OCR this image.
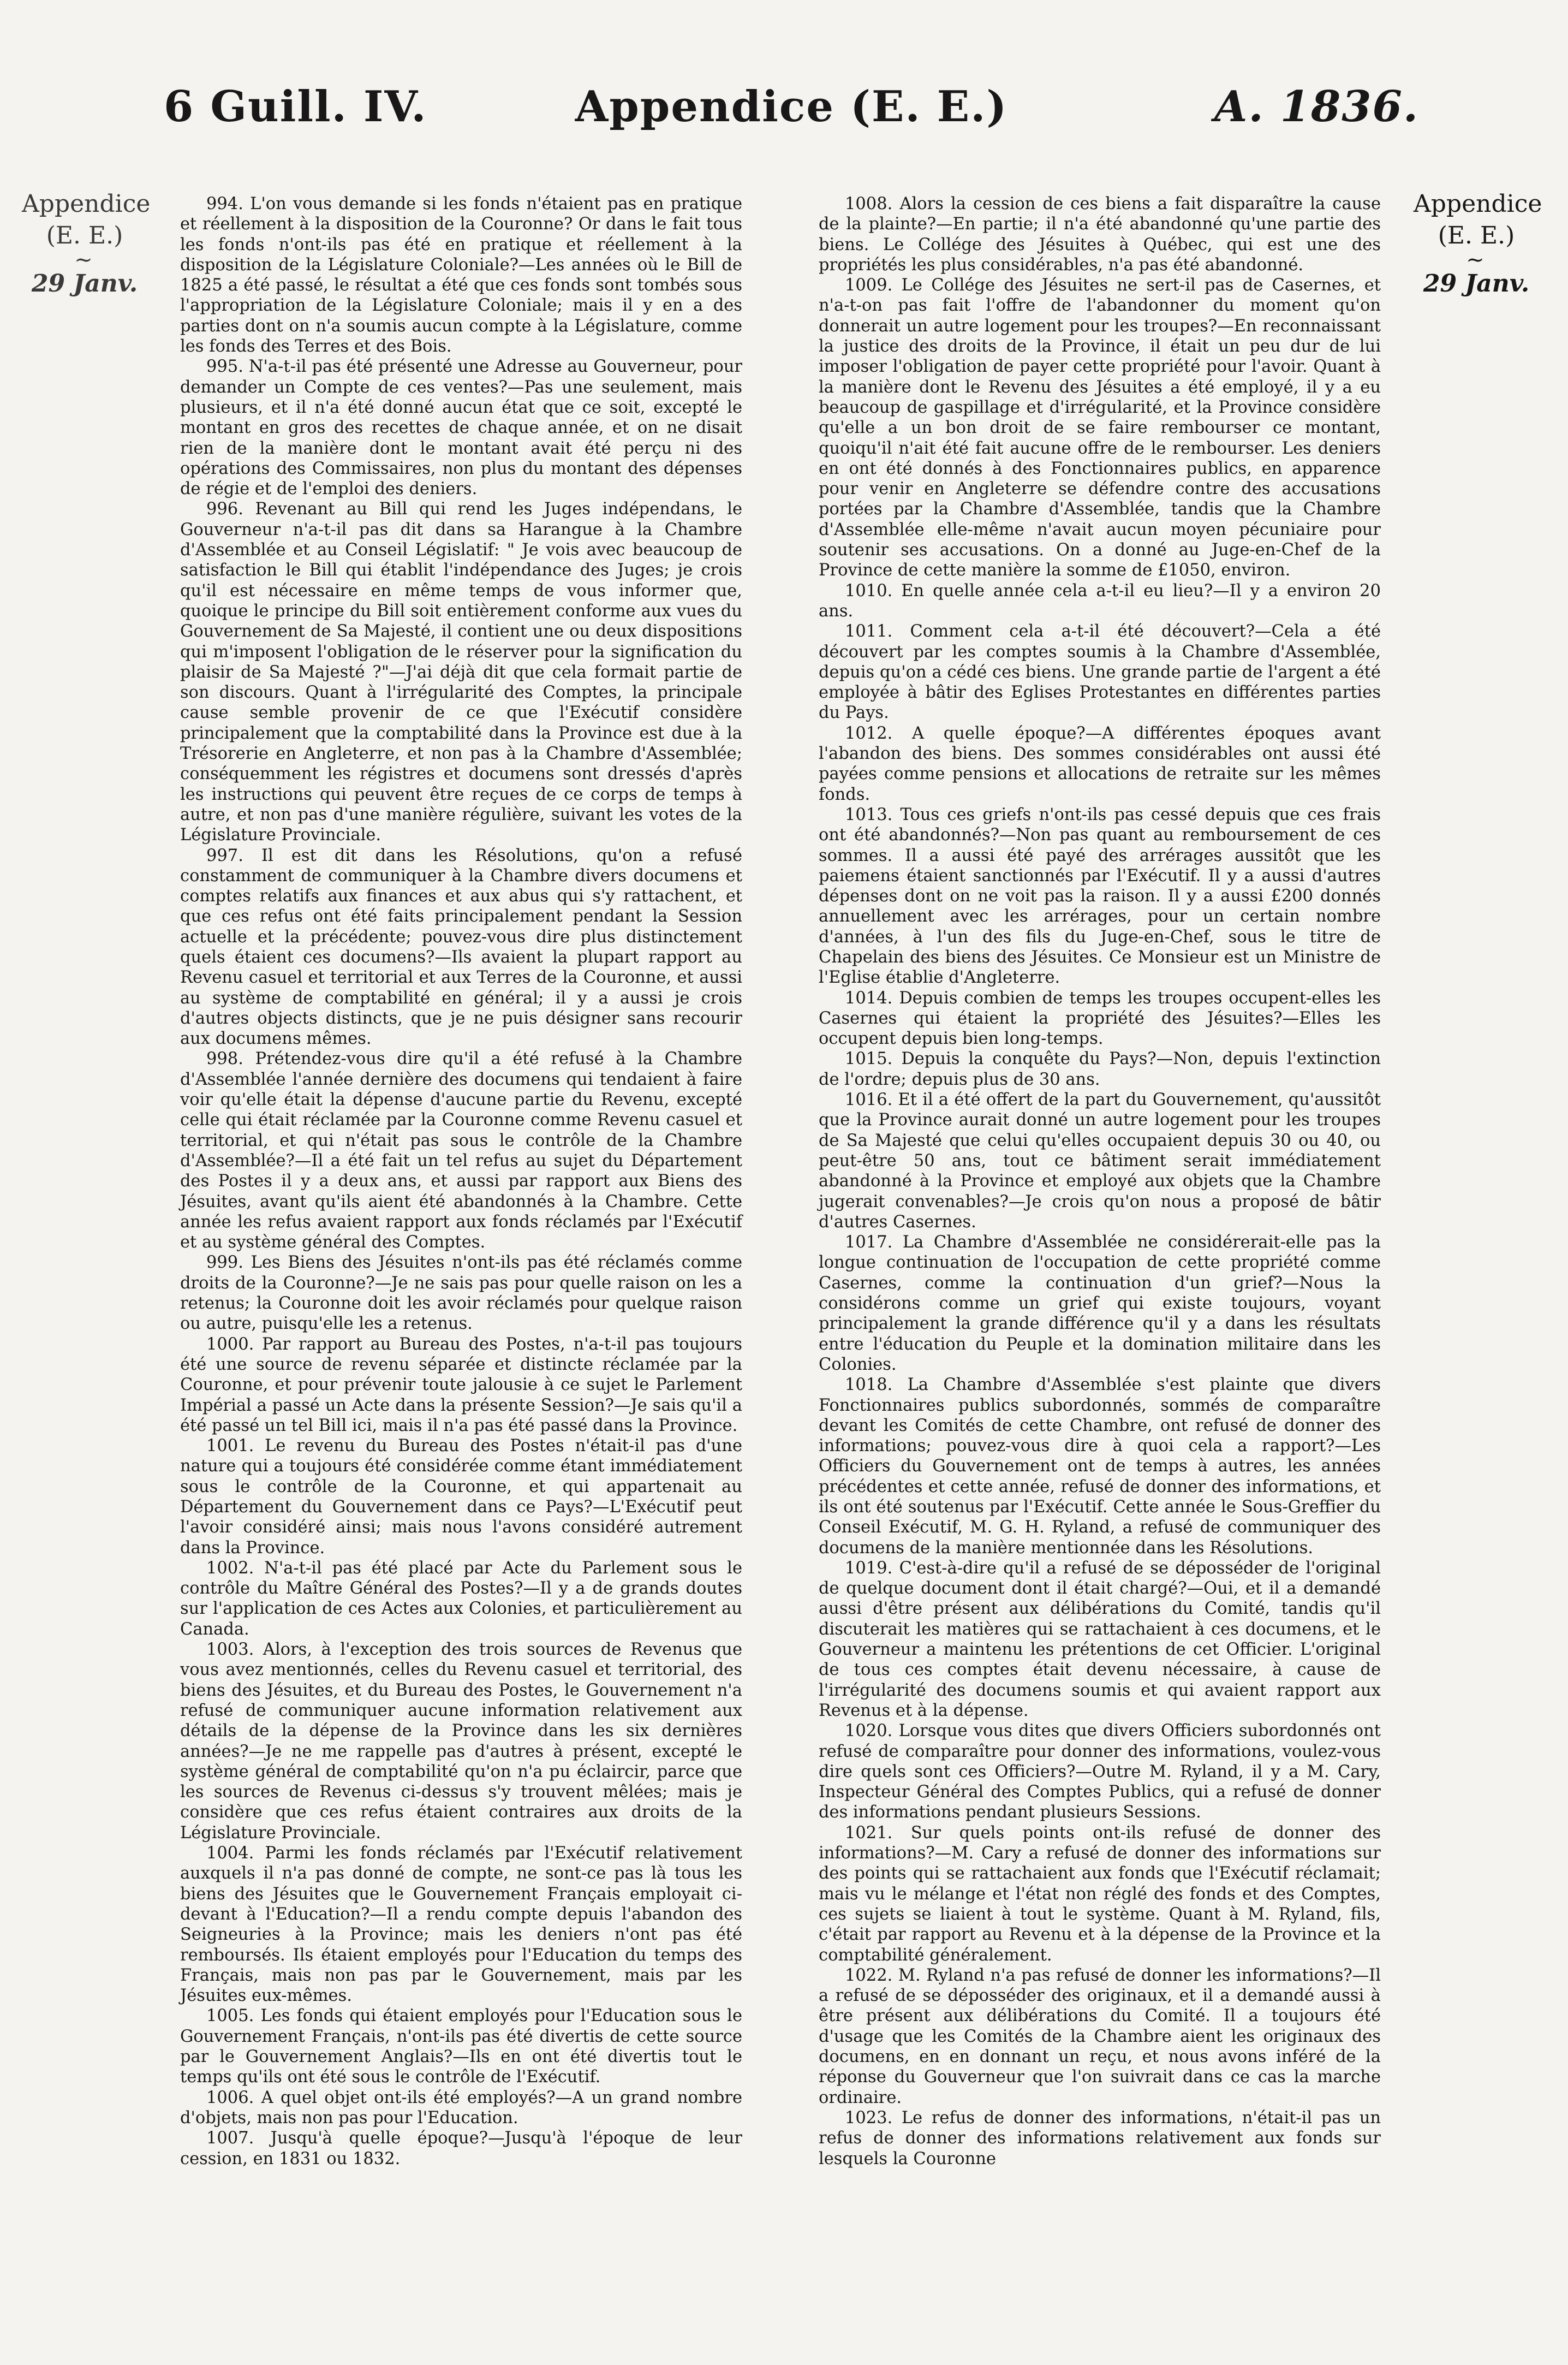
6 Guill. IV.	Appendice (E. E.)	A. 1836.
Appendice
(E. E.)
~
29 Janv.
Appendice
(E. E.)
~
29 Janv.

994. L'on vous demande si les fonds n'étaient pas en pratique et réellement à la disposition de la Couronne? Or dans le fait tous les fonds n'ont-ils pas été en pratique et réellement à la disposition de la Législature Coloniale?—Les années où le Bill de 1825 a été passé, le résultat a été que ces fonds sont tombés sous l'appropriation de la Législature Coloniale; mais il y en a des parties dont on n'a soumis aucun compte à la Législature, comme les fonds des Terres et des Bois.

995. N'a-t-il pas été présenté une Adresse au Gouverneur, pour demander un Compte de ces ventes?—Pas une seulement, mais plusieurs, et il n'a été donné aucun état que ce soit, excepté le montant en gros des recettes de chaque année, et on ne disait rien de la manière dont le montant avait été perçu ni des opérations des Commissaires, non plus du montant des dépenses de régie et de l'emploi des deniers.

996. Revenant au Bill qui rend les Juges indépendans, le Gouverneur n'a-t-il pas dit dans sa Harangue à la Chambre d'Assemblée et au Conseil Législatif: " Je vois avec beaucoup de satisfaction le Bill qui établit l'indépendance des Juges; je crois qu'il est nécessaire en même temps de vous informer que, quoique le principe du Bill soit entièrement conforme aux vues du Gouvernement de Sa Majesté, il contient une ou deux dispositions qui m'imposent l'obligation de le réserver pour la signification du plaisir de Sa Majesté ?"—J'ai déjà dit que cela formait partie de son discours. Quant à l'irrégularité des Comptes, la principale cause semble provenir de ce que l'Exécutif considère principalement que la comptabilité dans la Province est due à la Trésorerie en Angleterre, et non pas à la Chambre d'Assemblée; conséquemment les régistres et documens sont dressés d'après les instructions qui peuvent être reçues de ce corps de temps à autre, et non pas d'une manière régulière, suivant les votes de la Législature Provinciale.

997. Il est dit dans les Résolutions, qu'on a refusé constamment de communiquer à la Chambre divers documens et comptes relatifs aux finances et aux abus qui s'y rattachent, et que ces refus ont été faits principalement pendant la Session actuelle et la précédente; pouvez-vous dire plus distinctement quels étaient ces documens?—Ils avaient la plupart rapport au Revenu casuel et territorial et aux Terres de la Couronne, et aussi au système de comptabilité en général; il y a aussi je crois d'autres objects distincts, que je ne puis désigner sans recourir aux documens mêmes.

998. Prétendez-vous dire qu'il a été refusé à la Chambre d'Assemblée l'année dernière des documens qui tendaient à faire voir qu'elle était la dépense d'aucune partie du Revenu, excepté celle qui était réclamée par la Couronne comme Revenu casuel et territorial, et qui n'était pas sous le contrôle de la Chambre d'Assemblée?—Il a été fait un tel refus au sujet du Département des Postes il y a deux ans, et aussi par rapport aux Biens des Jésuites, avant qu'ils aient été abandonnés à la Chambre. Cette année les refus avaient rapport aux fonds réclamés par l'Exécutif et au système général des Comptes.

999. Les Biens des Jésuites n'ont-ils pas été réclamés comme droits de la Couronne?—Je ne sais pas pour quelle raison on les a retenus; la Couronne doit les avoir réclamés pour quelque raison ou autre, puisqu'elle les a retenus.

1000. Par rapport au Bureau des Postes, n'a-t-il pas toujours été une source de revenu séparée et distincte réclamée par la Couronne, et pour prévenir toute jalousie à ce sujet le Parlement Impérial a passé un Acte dans la présente Session?—Je sais qu'il a été passé un tel Bill ici, mais il n'a pas été passé dans la Province.

1001. Le revenu du Bureau des Postes n'était-il pas d'une nature qui a toujours été considérée comme étant immédiatement sous le contrôle de la Couronne, et qui appartenait au Département du Gouvernement dans ce Pays?—L'Exécutif peut l'avoir considéré ainsi; mais nous l'avons considéré autrement dans la Province.

1002. N'a-t-il pas été placé par Acte du Parlement sous le contrôle du Maître Général des Postes?—Il y a de grands doutes sur l'application de ces Actes aux Colonies, et particulièrement au Canada.

1003. Alors, à l'exception des trois sources de Revenus que vous avez mentionnés, celles du Revenu casuel et territorial, des biens des Jésuites, et du Bureau des Postes, le Gouvernement n'a refusé de communiquer aucune information relativement aux détails de la dépense de la Province dans les six dernières années?—Je ne me rappelle pas d'autres à présent, excepté le système général de comptabilité qu'on n'a pu éclaircir, parce que les sources de Revenus ci-dessus s'y trouvent mêlées; mais je considère que ces refus étaient contraires aux droits de la Législature Provinciale.

1004. Parmi les fonds réclamés par l'Exécutif relativement auxquels il n'a pas donné de compte, ne sont-ce pas là tous les biens des Jésuites que le Gouvernement Français employait ci-devant à l'Education?—Il a rendu compte depuis l'abandon des Seigneuries à la Province; mais les deniers n'ont pas été remboursés. Ils étaient employés pour l'Education du temps des Français, mais non pas par le Gouvernement, mais par les Jésuites eux-mêmes.

1005. Les fonds qui étaient employés pour l'Education sous le Gouvernement Français, n'ont-ils pas été divertis de cette source par le Gouvernement Anglais?—Ils en ont été divertis tout le temps qu'ils ont été sous le contrôle de l'Exécutif.

1006. A quel objet ont-ils été employés?—A un grand nombre d'objets, mais non pas pour l'Education.

1007. Jusqu'à quelle époque?—Jusqu'à l'époque de leur cession, en 1831 ou 1832.

1008. Alors la cession de ces biens a fait disparaître la cause de la plainte?—En partie; il n'a été abandonné qu'une partie des biens. Le Collége des Jésuites à Québec, qui est une des propriétés les plus considérables, n'a pas été abandonné.

1009. Le Collége des Jésuites ne sert-il pas de Casernes, et n'a-t-on pas fait l'offre de l'abandonner du moment qu'on donnerait un autre logement pour les troupes?—En reconnaissant la justice des droits de la Province, il était un peu dur de lui imposer l'obligation de payer cette propriété pour l'avoir. Quant à la manière dont le Revenu des Jésuites a été employé, il y a eu beaucoup de gaspillage et d'irrégularité, et la Province considère qu'elle a un bon droit de se faire rembourser ce montant, quoiqu'il n'ait été fait aucune offre de le rembourser. Les deniers en ont été donnés à des Fonctionnaires publics, en apparence pour venir en Angleterre se défendre contre des accusations portées par la Chambre d'Assemblée, tandis que la Chambre d'Assemblée elle-même n'avait aucun moyen pécuniaire pour soutenir ses accusations. On a donné au Juge-en-Chef de la Province de cette manière la somme de £1050, environ.

1010. En quelle année cela a-t-il eu lieu?—Il y a environ 20 ans.

1011. Comment cela a-t-il été découvert?—Cela a été découvert par les comptes soumis à la Chambre d'Assemblée, depuis qu'on a cédé ces biens. Une grande partie de l'argent a été employée à bâtir des Eglises Protestantes en différentes parties du Pays.

1012. A quelle époque?—A différentes époques avant l'abandon des biens. Des sommes considérables ont aussi été payées comme pensions et allocations de retraite sur les mêmes fonds.

1013. Tous ces griefs n'ont-ils pas cessé depuis que ces frais ont été abandonnés?—Non pas quant au remboursement de ces sommes. Il a aussi été payé des arrérages aussitôt que les paiemens étaient sanctionnés par l'Exécutif. Il y a aussi d'autres dépenses dont on ne voit pas la raison. Il y a aussi £200 donnés annuellement avec les arrérages, pour un certain nombre d'années, à l'un des fils du Juge-en-Chef, sous le titre de Chapelain des biens des Jésuites. Ce Monsieur est un Ministre de l'Eglise établie d'Angleterre.

1014. Depuis combien de temps les troupes occupent-elles les Casernes qui étaient la propriété des Jésuites?—Elles les occupent depuis bien long-temps.

1015. Depuis la conquête du Pays?—Non, depuis l'extinction de l'ordre; depuis plus de 30 ans.

1016. Et il a été offert de la part du Gouvernement, qu'aussitôt que la Province aurait donné un autre logement pour les troupes de Sa Majesté que celui qu'elles occupaient depuis 30 ou 40, ou peut-être 50 ans, tout ce bâtiment serait immédiatement abandonné à la Province et employé aux objets que la Chambre jugerait convenables?—Je crois qu'on nous a proposé de bâtir d'autres Casernes.

1017. La Chambre d'Assemblée ne considérerait-elle pas la longue continuation de l'occupation de cette propriété comme Casernes, comme la continuation d'un grief?—Nous la considérons comme un grief qui existe toujours, voyant principalement la grande différence qu'il y a dans les résultats entre l'éducation du Peuple et la domination militaire dans les Colonies.

1018. La Chambre d'Assemblée s'est plainte que divers Fonctionnaires publics subordonnés, sommés de comparaître devant les Comités de cette Chambre, ont refusé de donner des informations; pouvez-vous dire à quoi cela a rapport?—Les Officiers du Gouvernement ont de temps à autres, les années précédentes et cette année, refusé de donner des informations, et ils ont été soutenus par l'Exécutif. Cette année le Sous-Greffier du Conseil Exécutif, M. G. H. Ryland, a refusé de communiquer des documens de la manière mentionnée dans les Résolutions.

1019. C'est-à-dire qu'il a refusé de se déposséder de l'original de quelque document dont il était chargé?—Oui, et il a demandé aussi d'être présent aux délibérations du Comité, tandis qu'il discuterait les matières qui se rattachaient à ces documens, et le Gouverneur a maintenu les prétentions de cet Officier. L'original de tous ces comptes était devenu nécessaire, à cause de l'irrégularité des documens soumis et qui avaient rapport aux Revenus et à la dépense.

1020. Lorsque vous dites que divers Officiers subordonnés ont refusé de comparaître pour donner des informations, voulez-vous dire quels sont ces Officiers?—Outre M. Ryland, il y a M. Cary, Inspecteur Général des Comptes Publics, qui a refusé de donner des informations pendant plusieurs Sessions.

1021. Sur quels points ont-ils refusé de donner des informations?—M. Cary a refusé de donner des informations sur des points qui se rattachaient aux fonds que l'Exécutif réclamait; mais vu le mélange et l'état non réglé des fonds et des Comptes, ces sujets se liaient à tout le système. Quant à M. Ryland, fils, c'était par rapport au Revenu et à la dépense de la Province et la comptabilité généralement.

1022. M. Ryland n'a pas refusé de donner les informations?—Il a refusé de se déposséder des originaux, et il a demandé aussi à être présent aux délibérations du Comité. Il a toujours été d'usage que les Comités de la Chambre aient les originaux des documens, en en donnant un reçu, et nous avons inféré de la réponse du Gouverneur que l'on suivrait dans ce cas la marche ordinaire.

1023. Le refus de donner des informations, n'était-il pas un refus de donner des informations relativement aux fonds sur lesquels la Couronne
